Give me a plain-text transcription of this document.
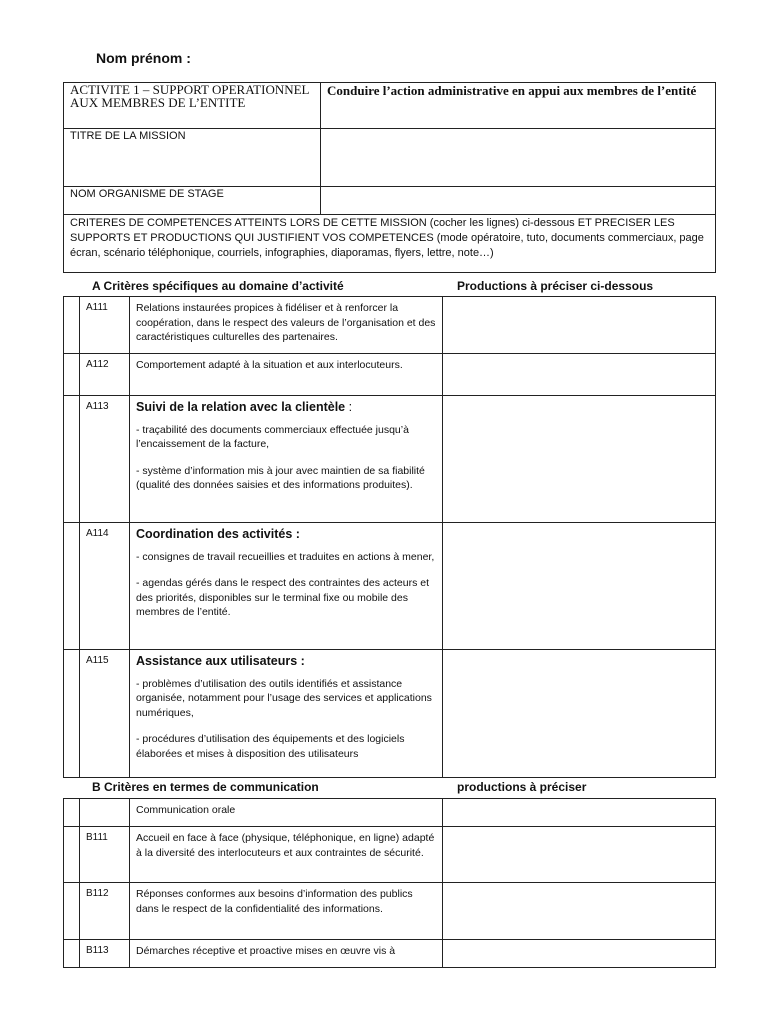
Nom prénom :
ACTIVITE 1 – SUPPORT OPERATIONNEL AUX MEMBRES DE L’ENTITE	Conduire l’action administrative en appui aux membres de l’entité
TITRE DE LA MISSION	
NOM ORGANISME DE STAGE	
CRITERES DE COMPETENCES ATTEINTS LORS DE CETTE MISSION (cocher les lignes) ci-dessous ET PRECISER LES SUPPORTS ET PRODUCTIONS QUI JUSTIFIENT VOS COMPETENCES (mode opératoire, tuto, documents commerciaux, page écran, scénario téléphonique, courriels, infographies, diaporamas, flyers, lettre, note…)	
A Critères spécifiques au domaine d’activité	Productions à préciser ci-dessous
	A111	Relations instaurées propices à fidéliser et à renforcer la coopération, dans le respect des valeurs de l’organisation et des caractéristiques culturelles des partenaires.	

	A112	Comportement adapté à la situation et aux interlocuteurs.	

	A113	Suivi de la relation avec la clientèle :

- traçabilité des documents commerciaux effectuée jusqu’à l’encaissement de la facture,

- système d’information mis à jour avec maintien de sa fiabilité (qualité des données saisies et des informations produites).	

	A114	Coordination des activités :

- consignes de travail recueillies et traduites en actions à mener,

- agendas gérés dans le respect des contraintes des acteurs et des priorités, disponibles sur le terminal fixe ou mobile des membres de l’entité.	

	A115	Assistance aux utilisateurs :

- problèmes d’utilisation des outils identifiés et assistance organisée, notamment pour l’usage des services et applications numériques,

- procédures d’utilisation des équipements et des logiciels élaborées et mises à disposition des utilisateurs	

B Critères en termes de communication	productions à préciser

		Communication orale	

	B111	Accueil en face à face (physique, téléphonique, en ligne) adapté à la diversité des interlocuteurs et aux contraintes de sécurité.	

	B112	Réponses conformes aux besoins d’information des publics dans le respect de la confidentialité des informations.	

	B113	Démarches réceptive et proactive mises en œuvre vis à	
